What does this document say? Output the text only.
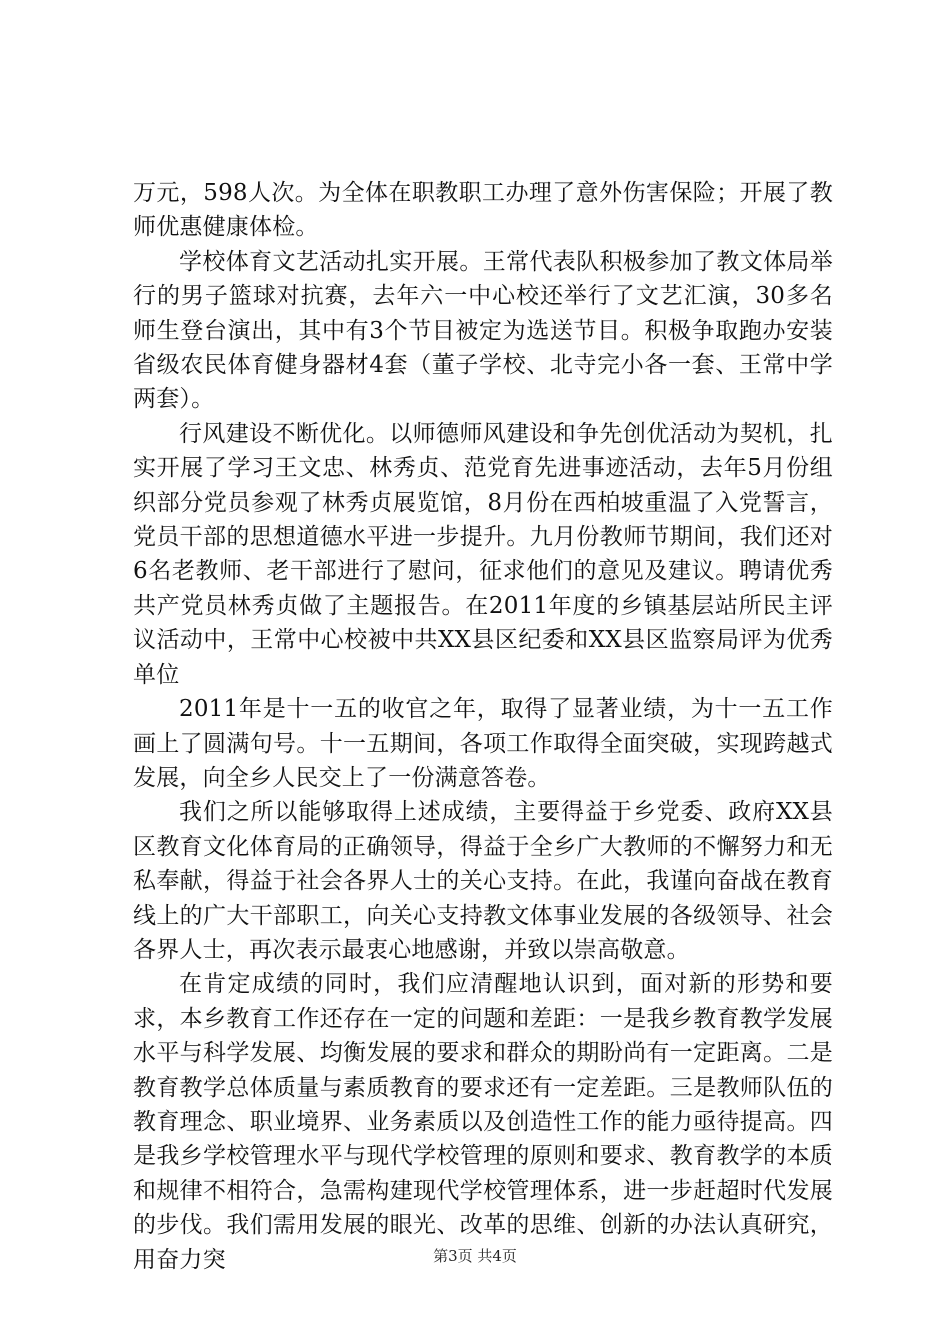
万元，598人次。为全体在职教职工办理了意外伤害保险；开展了教师优惠健康体检。

学校体育文艺活动扎实开展。王常代表队积极参加了教文体局举行的男子篮球对抗赛，去年六一中心校还举行了文艺汇演，30多名师生登台演出，其中有3个节目被定为选送节目。积极争取跑办安装省级农民体育健身器材4套（董子学校、北寺完小各一套、王常中学两套）。

行风建设不断优化。以师德师风建设和争先创优活动为契机，扎实开展了学习王文忠、林秀贞、范党育先进事迹活动，去年5月份组织部分党员参观了林秀贞展览馆，8月份在西柏坡重温了入党誓言，党员干部的思想道德水平进一步提升。九月份教师节期间，我们还对6名老教师、老干部进行了慰问，征求他们的意见及建议。聘请优秀共产党员林秀贞做了主题报告。在2011年度的乡镇基层站所民主评议活动中，王常中心校被中共XX县区纪委和XX县区监察局评为优秀单位

2011年是十一五的收官之年，取得了显著业绩，为十一五工作画上了圆满句号。十一五期间，各项工作取得全面突破，实现跨越式发展，向全乡人民交上了一份满意答卷。

我们之所以能够取得上述成绩，主要得益于乡党委、政府XX县区教育文化体育局的正确领导，得益于全乡广大教师的不懈努力和无私奉献，得益于社会各界人士的关心支持。在此，我谨向奋战在教育线上的广大干部职工，向关心支持教文体事业发展的各级领导、社会各界人士，再次表示最衷心地感谢，并致以崇高敬意。

在肯定成绩的同时，我们应清醒地认识到，面对新的形势和要求，本乡教育工作还存在一定的问题和差距：一是我乡教育教学发展水平与科学发展、均衡发展的要求和群众的期盼尚有一定距离。二是教育教学总体质量与素质教育的要求还有一定差距。三是教师队伍的教育理念、职业境界、业务素质以及创造性工作的能力亟待提高。四是我乡学校管理水平与现代学校管理的原则和要求、教育教学的本质和规律不相符合，急需构建现代学校管理体系，进一步赶超时代发展的步伐。我们需用发展的眼光、改革的思维、创新的办法认真研究，用奋力突	第3页 共4页
